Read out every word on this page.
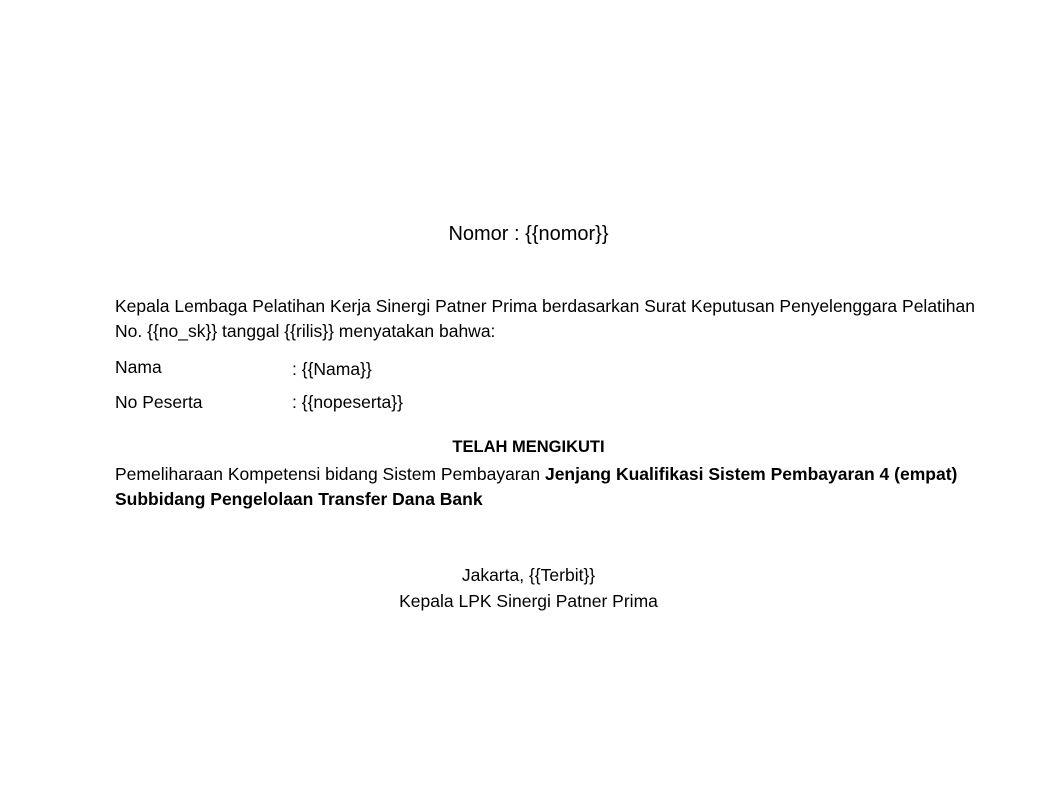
Nomor : {{nomor}}
Kepala Lembaga Pelatihan Kerja Sinergi Patner Prima berdasarkan Surat Keputusan Penyelenggara Pelatihan No. {{no_sk}} tanggal {{rilis}} menyatakan bahwa:
Nama	: {{Nama}}
No Peserta	: {{nopeserta}}
TELAH MENGIKUTI
Pemeliharaan Kompetensi bidang Sistem Pembayaran Jenjang Kualifikasi Sistem Pembayaran 4 (empat) Subbidang Pengelolaan Transfer Dana Bank
Jakarta, {{Terbit}}
Kepala LPK Sinergi Patner Prima
